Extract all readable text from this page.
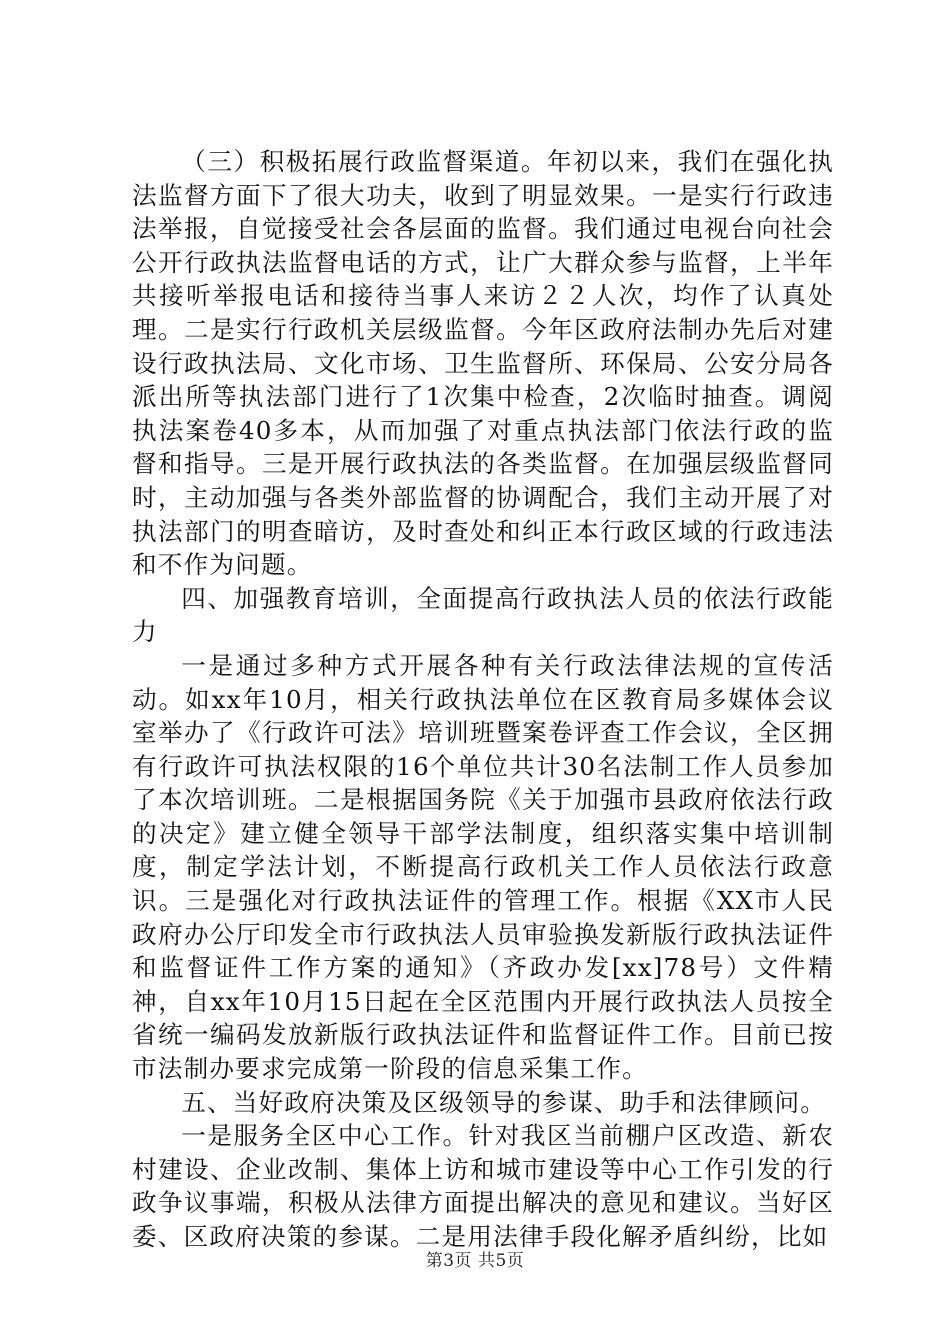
（三）积极拓展行政监督渠道。年初以来，我们在强化执法监督方面下了很大功夫，收到了明显效果。一是实行行政违法举报，自觉接受社会各层面的监督。我们通过电视台向社会公开行政执法监督电话的方式，让广大群众参与监督，上半年共接听举报电话和接待当事人来访２２人次，均作了认真处理。二是实行行政机关层级监督。今年区政府法制办先后对建设行政执法局、文化市场、卫生监督所、环保局、公安分局各派出所等执法部门进行了1次集中检查，2次临时抽查。调阅执法案卷40多本，从而加强了对重点执法部门依法行政的监督和指导。三是开展行政执法的各类监督。在加强层级监督同时，主动加强与各类外部监督的协调配合，我们主动开展了对执法部门的明查暗访，及时查处和纠正本行政区域的行政违法和不作为问题。

四、加强教育培训，全面提高行政执法人员的依法行政能力

一是通过多种方式开展各种有关行政法律法规的宣传活动。如xx年10月，相关行政执法单位在区教育局多媒体会议室举办了《行政许可法》培训班暨案卷评查工作会议，全区拥有行政许可执法权限的16个单位共计30名法制工作人员参加了本次培训班。二是根据国务院《关于加强市县政府依法行政的决定》建立健全领导干部学法制度，组织落实集中培训制度，制定学法计划，不断提高行政机关工作人员依法行政意识。三是强化对行政执法证件的管理工作。根据《XX市人民政府办公厅印发全市行政执法人员审验换发新版行政执法证件和监督证件工作方案的通知》（齐政办发[xx]78号）文件精神，自xx年10月15日起在全区范围内开展行政执法人员按全省统一编码发放新版行政执法证件和监督证件工作。目前已按市法制办要求完成第一阶段的信息采集工作。

五、当好政府决策及区级领导的参谋、助手和法律顾问。

一是服务全区中心工作。针对我区当前棚户区改造、新农村建设、企业改制、集体上访和城市建设等中心工作引发的行政争议事端，积极从法律方面提出解决的意见和建议。当好区委、区政府决策的参谋。二是用法律手段化解矛盾纠纷，比如

第3页 共5页
